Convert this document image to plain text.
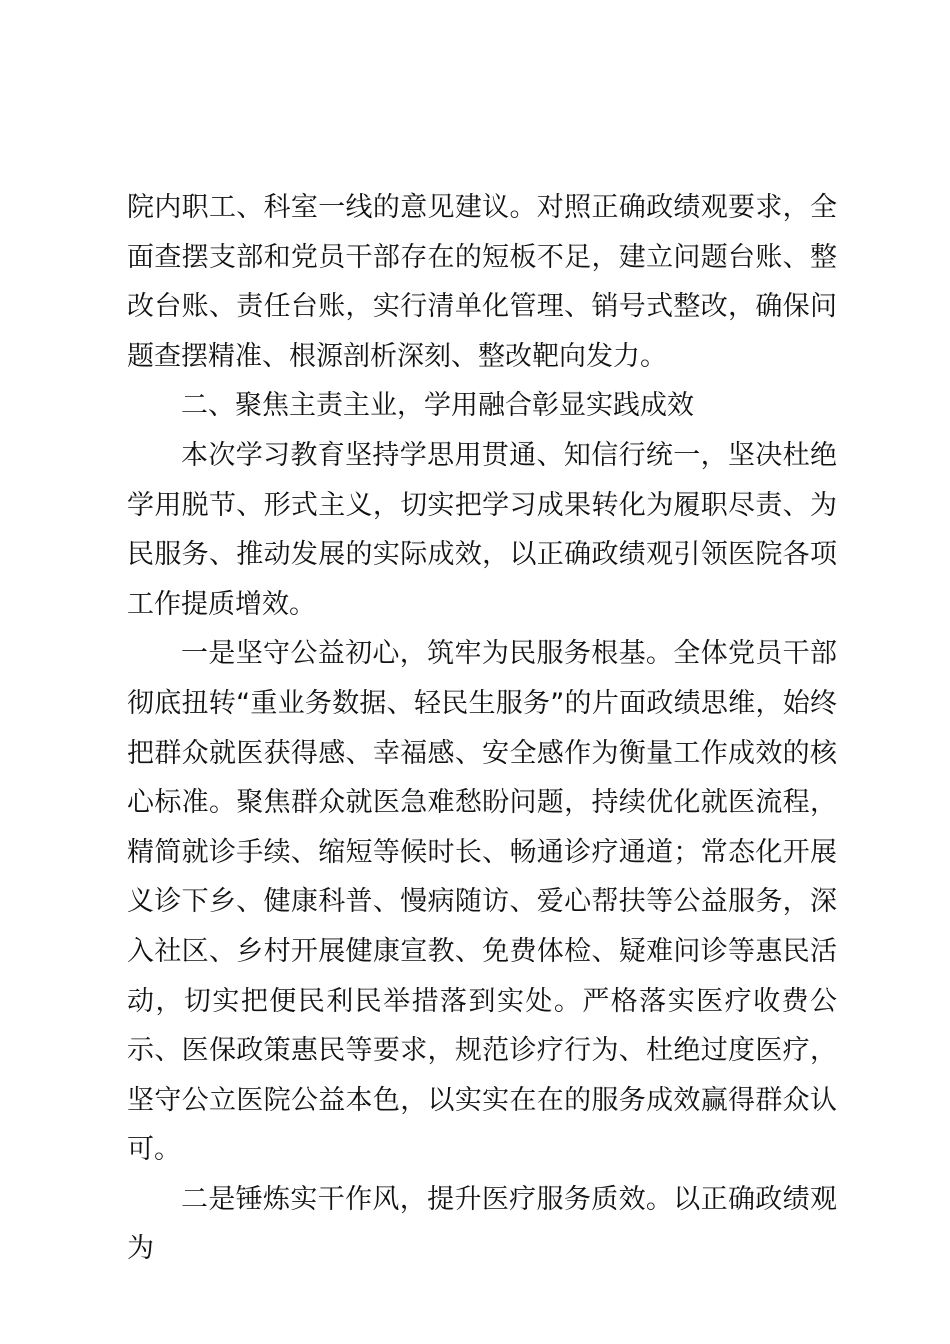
院内职工、科室一线的意见建议。对照正确政绩观要求，全面查摆支部和党员干部存在的短板不足，建立问题台账、整改台账、责任台账，实行清单化管理、销号式整改，确保问题查摆精准、根源剖析深刻、整改靶向发力。

二、聚焦主责主业，学用融合彰显实践成效

本次学习教育坚持学思用贯通、知信行统一，坚决杜绝学用脱节、形式主义，切实把学习成果转化为履职尽责、为民服务、推动发展的实际成效，以正确政绩观引领医院各项工作提质增效。

一是坚守公益初心，筑牢为民服务根基。全体党员干部彻底扭转“重业务数据、轻民生服务”的片面政绩思维，始终把群众就医获得感、幸福感、安全感作为衡量工作成效的核心标准。聚焦群众就医急难愁盼问题，持续优化就医流程，精简就诊手续、缩短等候时长、畅通诊疗通道；常态化开展义诊下乡、健康科普、慢病随访、爱心帮扶等公益服务，深入社区、乡村开展健康宣教、免费体检、疑难问诊等惠民活动，切实把便民利民举措落到实处。严格落实医疗收费公示、医保政策惠民等要求，规范诊疗行为、杜绝过度医疗，坚守公立医院公益本色，以实实在在的服务成效赢得群众认可。

二是锤炼实干作风，提升医疗服务质效。以正确政绩观为
